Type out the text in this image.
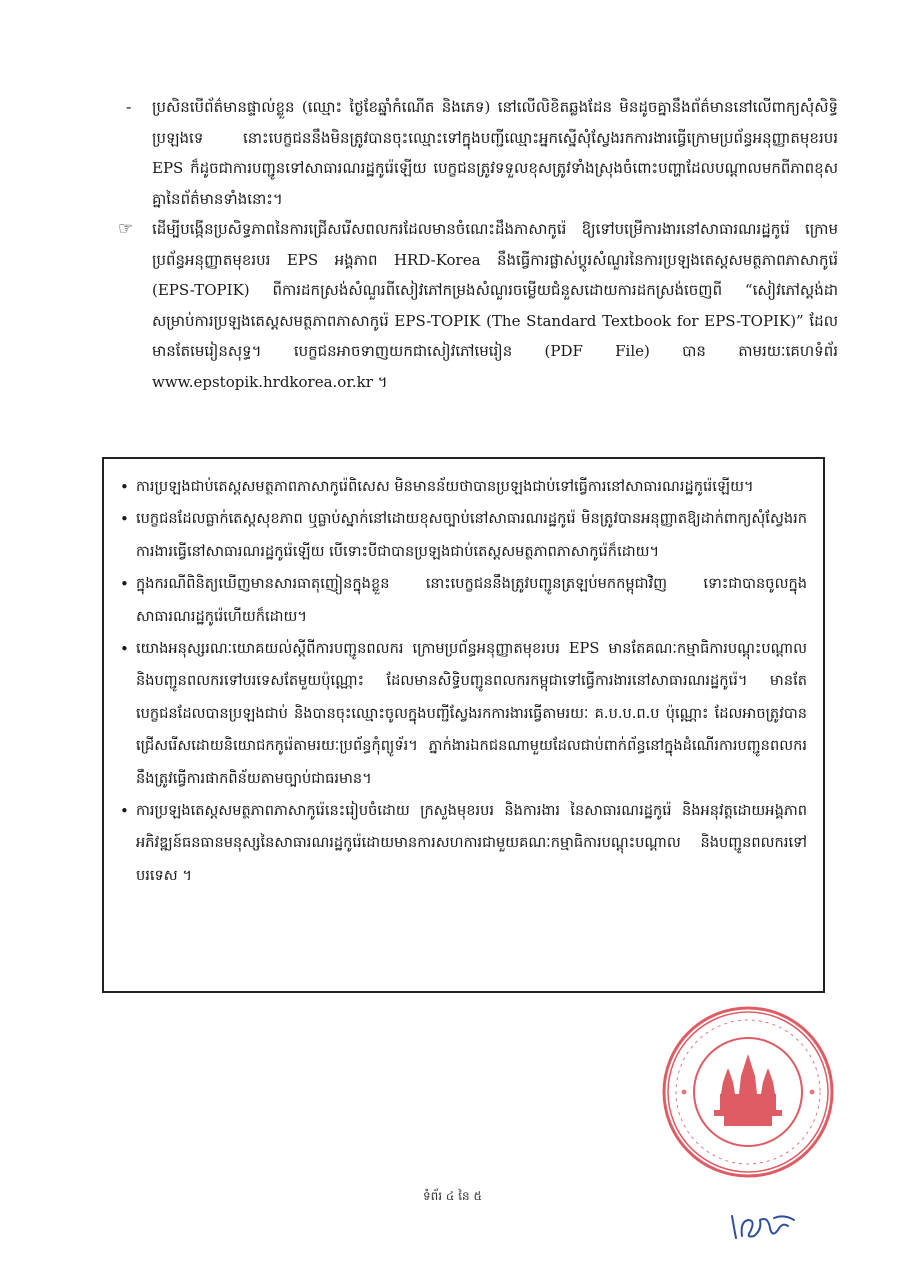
- ប្រសិនបើព័ត៌មានផ្ទាល់ខ្លួន (ឈ្មោះ ថ្ងៃខែឆ្នាំកំណើត និងភេទ) នៅលើលិខិតឆ្លងដែន មិនដូចគ្នានឹងព័ត៌មាននៅលើពាក្យសុំសិទ្ធិប្រឡងទេ នោះបេក្ខជននឹងមិនត្រូវបានចុះឈ្មោះទៅក្នុងបញ្ជីឈ្មោះអ្នកស្នើសុំស្វែងរកការងារធ្វើក្រោមប្រព័ន្ធអនុញ្ញាតមុខរបរ EPS ក៏ដូចជាការបញ្ជូនទៅសាធារណរដ្ឋកូរ៉េឡើយ បេក្ខជនត្រូវទទួលខុសត្រូវទាំងស្រុងចំពោះបញ្ហាដែលបណ្តាលមកពីភាពខុសគ្នានៃព័ត៌មានទាំងនោះ។

☞ ដើម្បីបង្កើនប្រសិទ្ធភាពនៃការជ្រើសរើសពលករដែលមានចំណេះដឹងភាសាកូរ៉េ ឱ្យទៅបម្រើការងារនៅសាធារណរដ្ឋកូរ៉េ ក្រោមប្រព័ន្ធអនុញ្ញាតមុខរបរ EPS អង្គភាព HRD-Korea នឹងធ្វើការផ្លាស់ប្តូរសំណួរនៃការប្រឡងតេស្តសមត្ថភាពភាសាកូរ៉េ (EPS-TOPIK) ពីការដកស្រង់សំណួរពីសៀវភៅកម្រងសំណួរចម្លើយជំនួសដោយការដកស្រង់ចេញពី “សៀវភៅស្តង់ដាសម្រាប់ការប្រឡងតេស្តសមត្ថភាពភាសាកូរ៉េ EPS-TOPIK (The Standard Textbook for EPS-TOPIK)” ដែលមានតែមេរៀនសុទ្ធ។ បេក្ខជនអាចទាញយកជាសៀវភៅមេរៀន (PDF File) បាន តាមរយៈគេហទំព័រ www.epstopik.hrdkorea.or.kr ។

• ការប្រឡងជាប់តេស្តសមត្ថភាពភាសាកូរ៉េពិសេស មិនមានន័យថាបានប្រឡងជាប់ទៅធ្វើការនៅសាធារណរដ្ឋកូរ៉េឡើយ។
• បេក្ខជនដែលធ្លាក់តេស្តសុខភាព ឬធ្លាប់ស្នាក់នៅដោយខុសច្បាប់នៅសាធារណរដ្ឋកូរ៉េ មិនត្រូវបានអនុញ្ញាតឱ្យដាក់ពាក្យសុំស្វែងរកការងារធ្វើនៅសាធារណរដ្ឋកូរ៉េឡើយ បើទោះបីជាបានប្រឡងជាប់តេស្តសមត្ថភាពភាសាកូរ៉េក៏ដោយ។
• ក្នុងករណីពិនិត្យឃើញមានសារធាតុញៀនក្នុងខ្លួន នោះបេក្ខជននឹងត្រូវបញ្ជូនត្រឡប់មកកម្ពុជាវិញ ទោះជាបានចូលក្នុងសាធារណរដ្ឋកូរ៉េហើយក៏ដោយ។
• យោងអនុស្សរណៈយោគយល់ស្តីពីការបញ្ជូនពលករ ក្រោមប្រព័ន្ធអនុញ្ញាតមុខរបរ EPS មានតែគណៈកម្មាធិការបណ្តុះបណ្តាល និងបញ្ជូនពលករទៅបរទេសតែមួយប៉ុណ្ណោះ ដែលមានសិទ្ធិបញ្ជូនពលករកម្ពុជាទៅធ្វើការងារនៅសាធារណរដ្ឋកូរ៉េ។ មានតែបេក្ខជនដែលបានប្រឡងជាប់ និងបានចុះឈ្មោះចូលក្នុងបញ្ជីស្វែងរកការងារធ្វើតាមរយៈ គ.ប.ប.ព.ប ប៉ុណ្ណោះ ដែលអាចត្រូវបានជ្រើសរើសដោយនិយោជកកូរ៉េតាមរយៈប្រព័ន្ធកុំព្យូទ័រ។ ភ្នាក់ងារឯកជនណាមួយដែលជាប់ពាក់ព័ន្ធនៅក្នុងដំណើរការបញ្ជូនពលករនឹងត្រូវធ្វើការផាកពិន័យតាមច្បាប់ជាធរមាន។
• ការប្រឡងតេស្តសមត្ថភាពភាសាកូរ៉េនេះរៀបចំដោយ ក្រសួងមុខរបរ និងការងារ នៃសាធារណរដ្ឋកូរ៉េ និងអនុវត្តដោយអង្គភាពអភិវឌ្ឍន៍ធនធានមនុស្សនៃសាធារណរដ្ឋកូរ៉េដោយមានការសហការជាមួយគណៈកម្មាធិការបណ្តុះបណ្តាល និងបញ្ជូនពលករទៅបរទេស ។
ទំព័រ ៤ នៃ ៥
